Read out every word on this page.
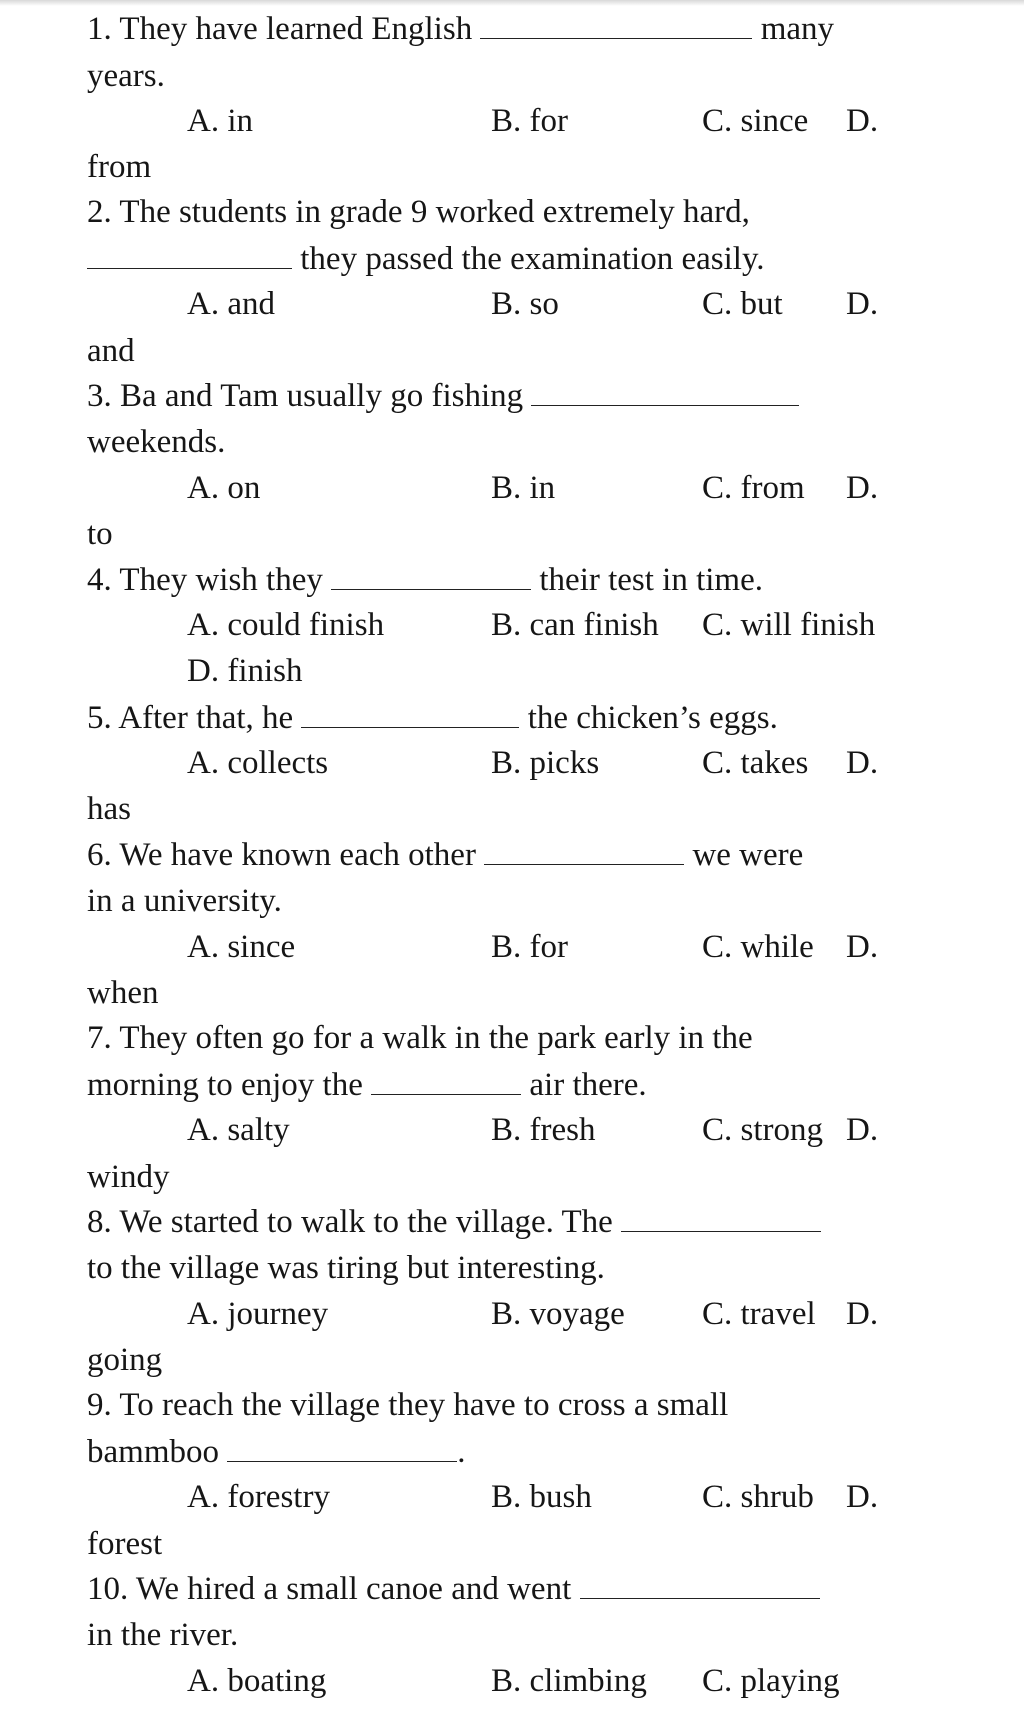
1. They have learned English	many
years.
A. in	B. for	C. since D.
from
2. The students in grade 9 worked extremely hard,
they passed the examination easily.
A. and	B. so	C. but D.
and
3. Ba and Tam usually go fishing
weekends.
A. on	B. in	C. from D.
to
4. They wish they	their test in time.
A. could finish	B. can finish C. will finish
D. finish
5. After that, he	the chicken’s eggs.
A. collects	B. picks	C. takes D.
has
6. We have known each other	we were
in a university.
A. since	B. for	C. while D.
when
7. They often go for a walk in the park early in the
morning to enjoy the	air there.
A. salty	B. fresh	C. strong D.
windy
8. We started to walk to the village. The
to the village was tiring but interesting.
A. journey	B. voyage C. travel D.
going
9. To reach the village they have to cross a small
bammboo	.
A. forestry	B. bush	C. shrub D.
forest
10. We hired a small canoe and went
in the river.
A. boating	B. climbing C. playing
